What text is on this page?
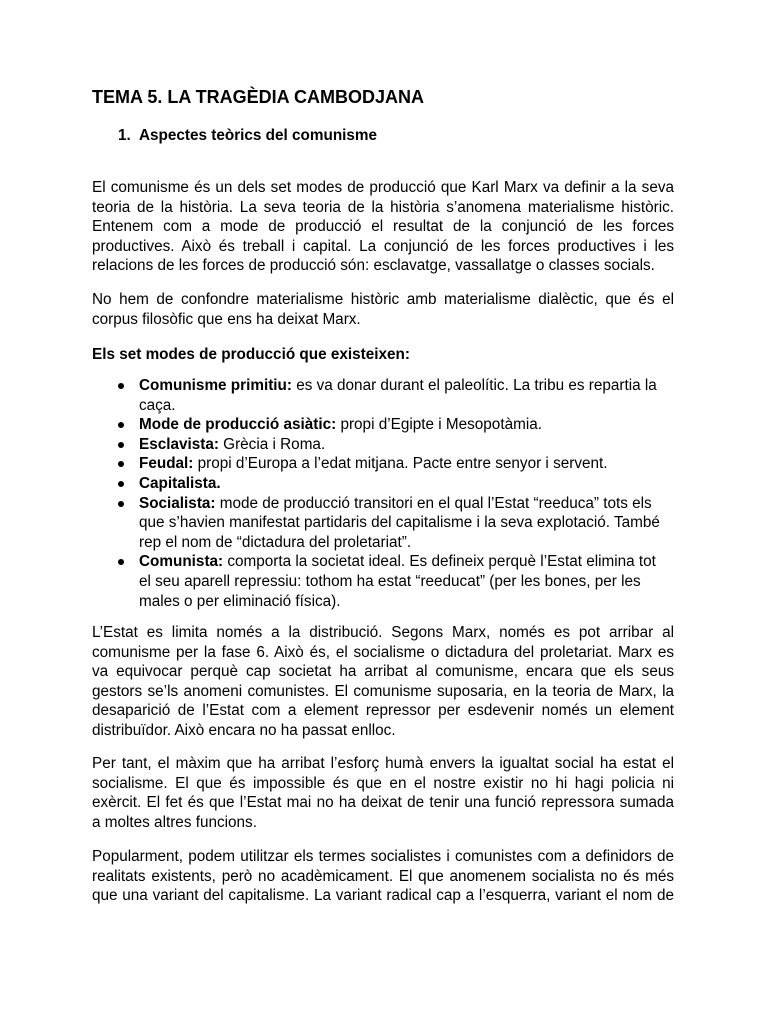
TEMA 5. LA TRAGÈDIA CAMBODJANA
1. Aspectes teòrics del comunisme
El comunisme és un dels set modes de producció que Karl Marx va definir a la seva
teoria de la història. La seva teoria de la història s’anomena materialisme històric.
Entenem com a mode de producció el resultat de la conjunció de les forces
productives. Això és treball i capital. La conjunció de les forces productives i les
relacions de les forces de producció són: esclavatge, vassallatge o classes socials.
No hem de confondre materialisme històric amb materialisme dialèctic, que és el
corpus filosòfic que ens ha deixat Marx.
Els set modes de producció que existeixen:
Comunisme primitiu: es va donar durant el paleolític. La tribu es repartia la
caça.
Mode de producció asiàtic: propi d’Egipte i Mesopotàmia.
Esclavista: Grècia i Roma.
Feudal: propi d’Europa a l’edat mitjana. Pacte entre senyor i servent.
Capitalista.
Socialista: mode de producció transitori en el qual l’Estat “reeduca” tots els
que s’havien manifestat partidaris del capitalisme i la seva explotació. També
rep el nom de “dictadura del proletariat”.
Comunista: comporta la societat ideal. Es defineix perquè l’Estat elimina tot
el seu aparell repressiu: tothom ha estat “reeducat” (per les bones, per les
males o per eliminació física).
L’Estat es limita només a la distribució. Segons Marx, només es pot arribar al
comunisme per la fase 6. Això és, el socialisme o dictadura del proletariat. Marx es
va equivocar perquè cap societat ha arribat al comunisme, encara que els seus
gestors se’ls anomeni comunistes. El comunisme suposaria, en la teoria de Marx, la
desaparició de l’Estat com a element repressor per esdevenir només un element
distribuïdor. Això encara no ha passat enlloc.
Per tant, el màxim que ha arribat l’esforç humà envers la igualtat social ha estat el
socialisme. El que és impossible és que en el nostre existir no hi hagi policia ni
exèrcit. El fet és que l’Estat mai no ha deixat de tenir una funció repressora sumada
a moltes altres funcions.
Popularment, podem utilitzar els termes socialistes i comunistes com a definidors de
realitats existents, però no acadèmicament. El que anomenem socialista no és més
que una variant del capitalisme. La variant radical cap a l’esquerra, variant el nom de
